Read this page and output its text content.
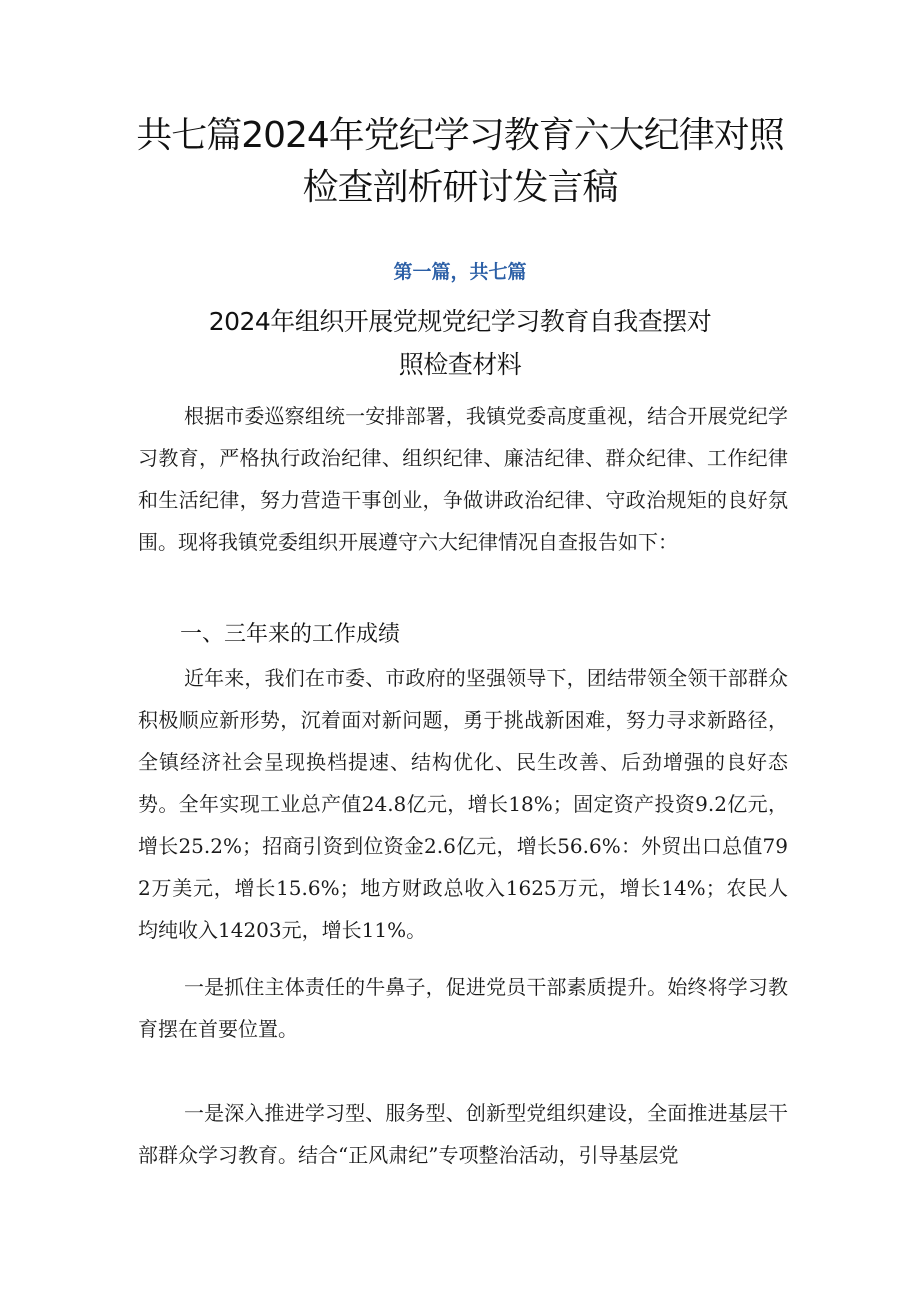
共七篇2024年党纪学习教育六大纪律对照
检查剖析研讨发言稿
第一篇，共七篇
2024年组织开展党规党纪学习教育自我查摆对
照检查材料

根据市委巡察组统一安排部署，我镇党委高度重视，结合开展党纪学习教育，严格执行政治纪律、组织纪律、廉洁纪律、群众纪律、工作纪律和生活纪律，努力营造干事创业，争做讲政治纪律、守政治规矩的良好氛围。现将我镇党委组织开展遵守六大纪律情况自查报告如下：

一、三年来的工作成绩

近年来，我们在市委、市政府的坚强领导下，团结带领全领干部群众积极顺应新形势，沉着面对新问题，勇于挑战新困难，努力寻求新路径，全镇经济社会呈现换档提速、结构优化、民生改善、后劲增强的良好态势。全年实现工业总产值24.8亿元，增长18%；固定资产投资9.2亿元，增长25.2%；招商引资到位资金2.6亿元，增长56.6%：外贸出口总值792万美元，增长15.6%；地方财政总收入1625万元，增长14%；农民人均纯收入14203元，增长11%。

一是抓住主体责任的牛鼻子，促进党员干部素质提升。始终将学习教育摆在首要位置。

一是深入推进学习型、服务型、创新型党组织建设，全面推进基层干部群众学习教育。结合“正风肃纪”专项整治活动，引导基层党
